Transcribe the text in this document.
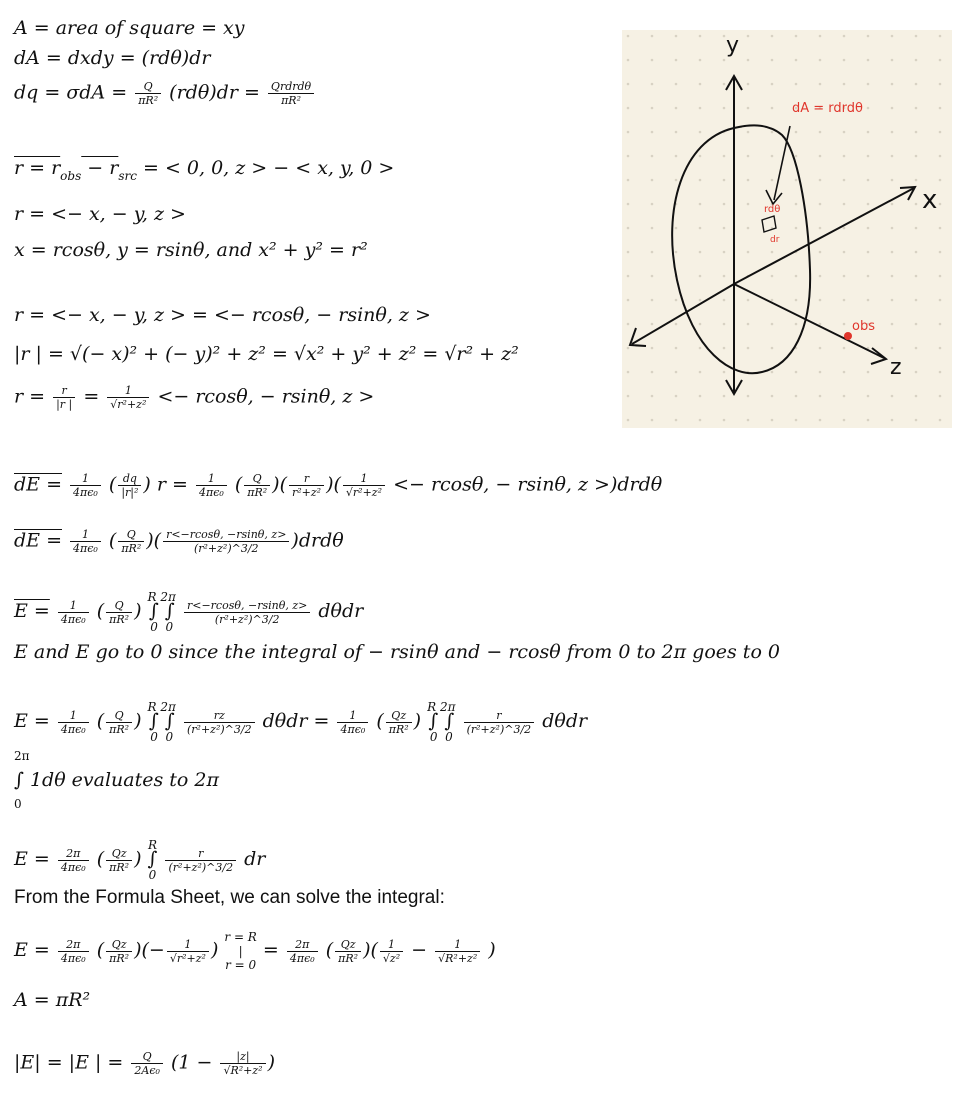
A = area of square = xy
dA = dxdy = (rdθ)dr
dq = $\sigma dA = \frac{Q}{\text{πR²}} (rd\theta)dr = \frac{\text{Qrdrdθ}}{\text{πR²}}$
$r = r_{obs} - r_{src}$ = < 0, 0, z > − < x, y, 0 >
r = <− x, − y, z >
x = rcosθ, y = rsinθ, and x² + y² = r²
r = <− x, − y, z > = <− rcosθ, − rsinθ, z >
|r | = √(− x)² + (− y)² + z² = √x² + y² + z² = √r² + z²
$r = \frac{r}{|r |} = \frac{1}{\text{√r²+z²}} <- rcos\theta$, − rsinθ, z >
dE = $\frac{1}{\text{4πϵ₀}}$ ( $\frac{dq}{\text{|r|²}}$ ) $r = \frac{1}{\text{4πϵ₀}}$ ( $\frac{Q}{\text{πR²}}$ )( $\frac{r}{\text{r²+z²}}$ )( $\frac{1}{\text{√r²+z²}} <- rcos\theta$, − rsinθ, z >)drdθ
dE = $\frac{1}{\text{4πϵ₀}}$ ( $\frac{Q}{\text{πR²}}$ )( $\frac{r<-rcos\theta, -rsin\theta, z>}{\text{(r²+z²)\textasciicircum{}3/2}} )drd\theta$
$E = \frac{1}{\text{4πϵ₀}}$ ( $\frac{Q}{\text{πR²}}$ ) R 2π
∫ ∫
0 0
$\frac{r<-rcos\theta, -rsin\theta, z>}{\text{(r²+z²)\textasciicircum{}3/2}}$ dθdr
E and E go to 0 since the integral of − rsinθ and − rcosθ from 0 to 2π goes to 0
$E = \frac{1}{\text{4πϵ₀}}$ ( $\frac{Q}{\text{πR²}}$ ) R 2π
∫ ∫
0 0
$\frac{rz}{\text{(r²+z²)\textasciicircum{}3/2}}$ $d\theta dr = \frac{1}{\text{4πϵ₀}}$ ( $\frac{Qz}{\text{πR²}}$ ) R 2π
∫ ∫
0 0
$\frac{r}{\text{(r²+z²)\textasciicircum{}3/2}}$ dθdr
2π
∫ 1dθ evaluates to 2π
0
$E = \frac{2\pi}{\text{4πϵ₀}}$ ( $\frac{Qz}{\text{πR²}}$ ) R
∫
0
$\frac{r}{\text{(r²+z²)\textasciicircum{}3/2}}$ dr
From the Formula Sheet, we can solve the integral:
$E = \frac{2\pi}{\text{4πϵ₀}}$ ( $\frac{Qz}{\text{πR²}}$ )(− $\frac{1}{\text{√r²+z²}}$ ) r = R
|
$r = 0 = \frac{2\pi}{\text{4πϵ₀}}$ ( $\frac{Qz}{\text{πR²}}$ )( $\frac{1}{\text{√z²}} - \frac{1}{\text{√R²+z²}}$ )
A = πR²
|E| = |E | = $\frac{Q}{\text{2Aϵ₀}} (1 - \frac{|z|}{\text{√R²+z²}}$ )
y
x
z
dA = rdrdθ
rdθ
dr
obs
